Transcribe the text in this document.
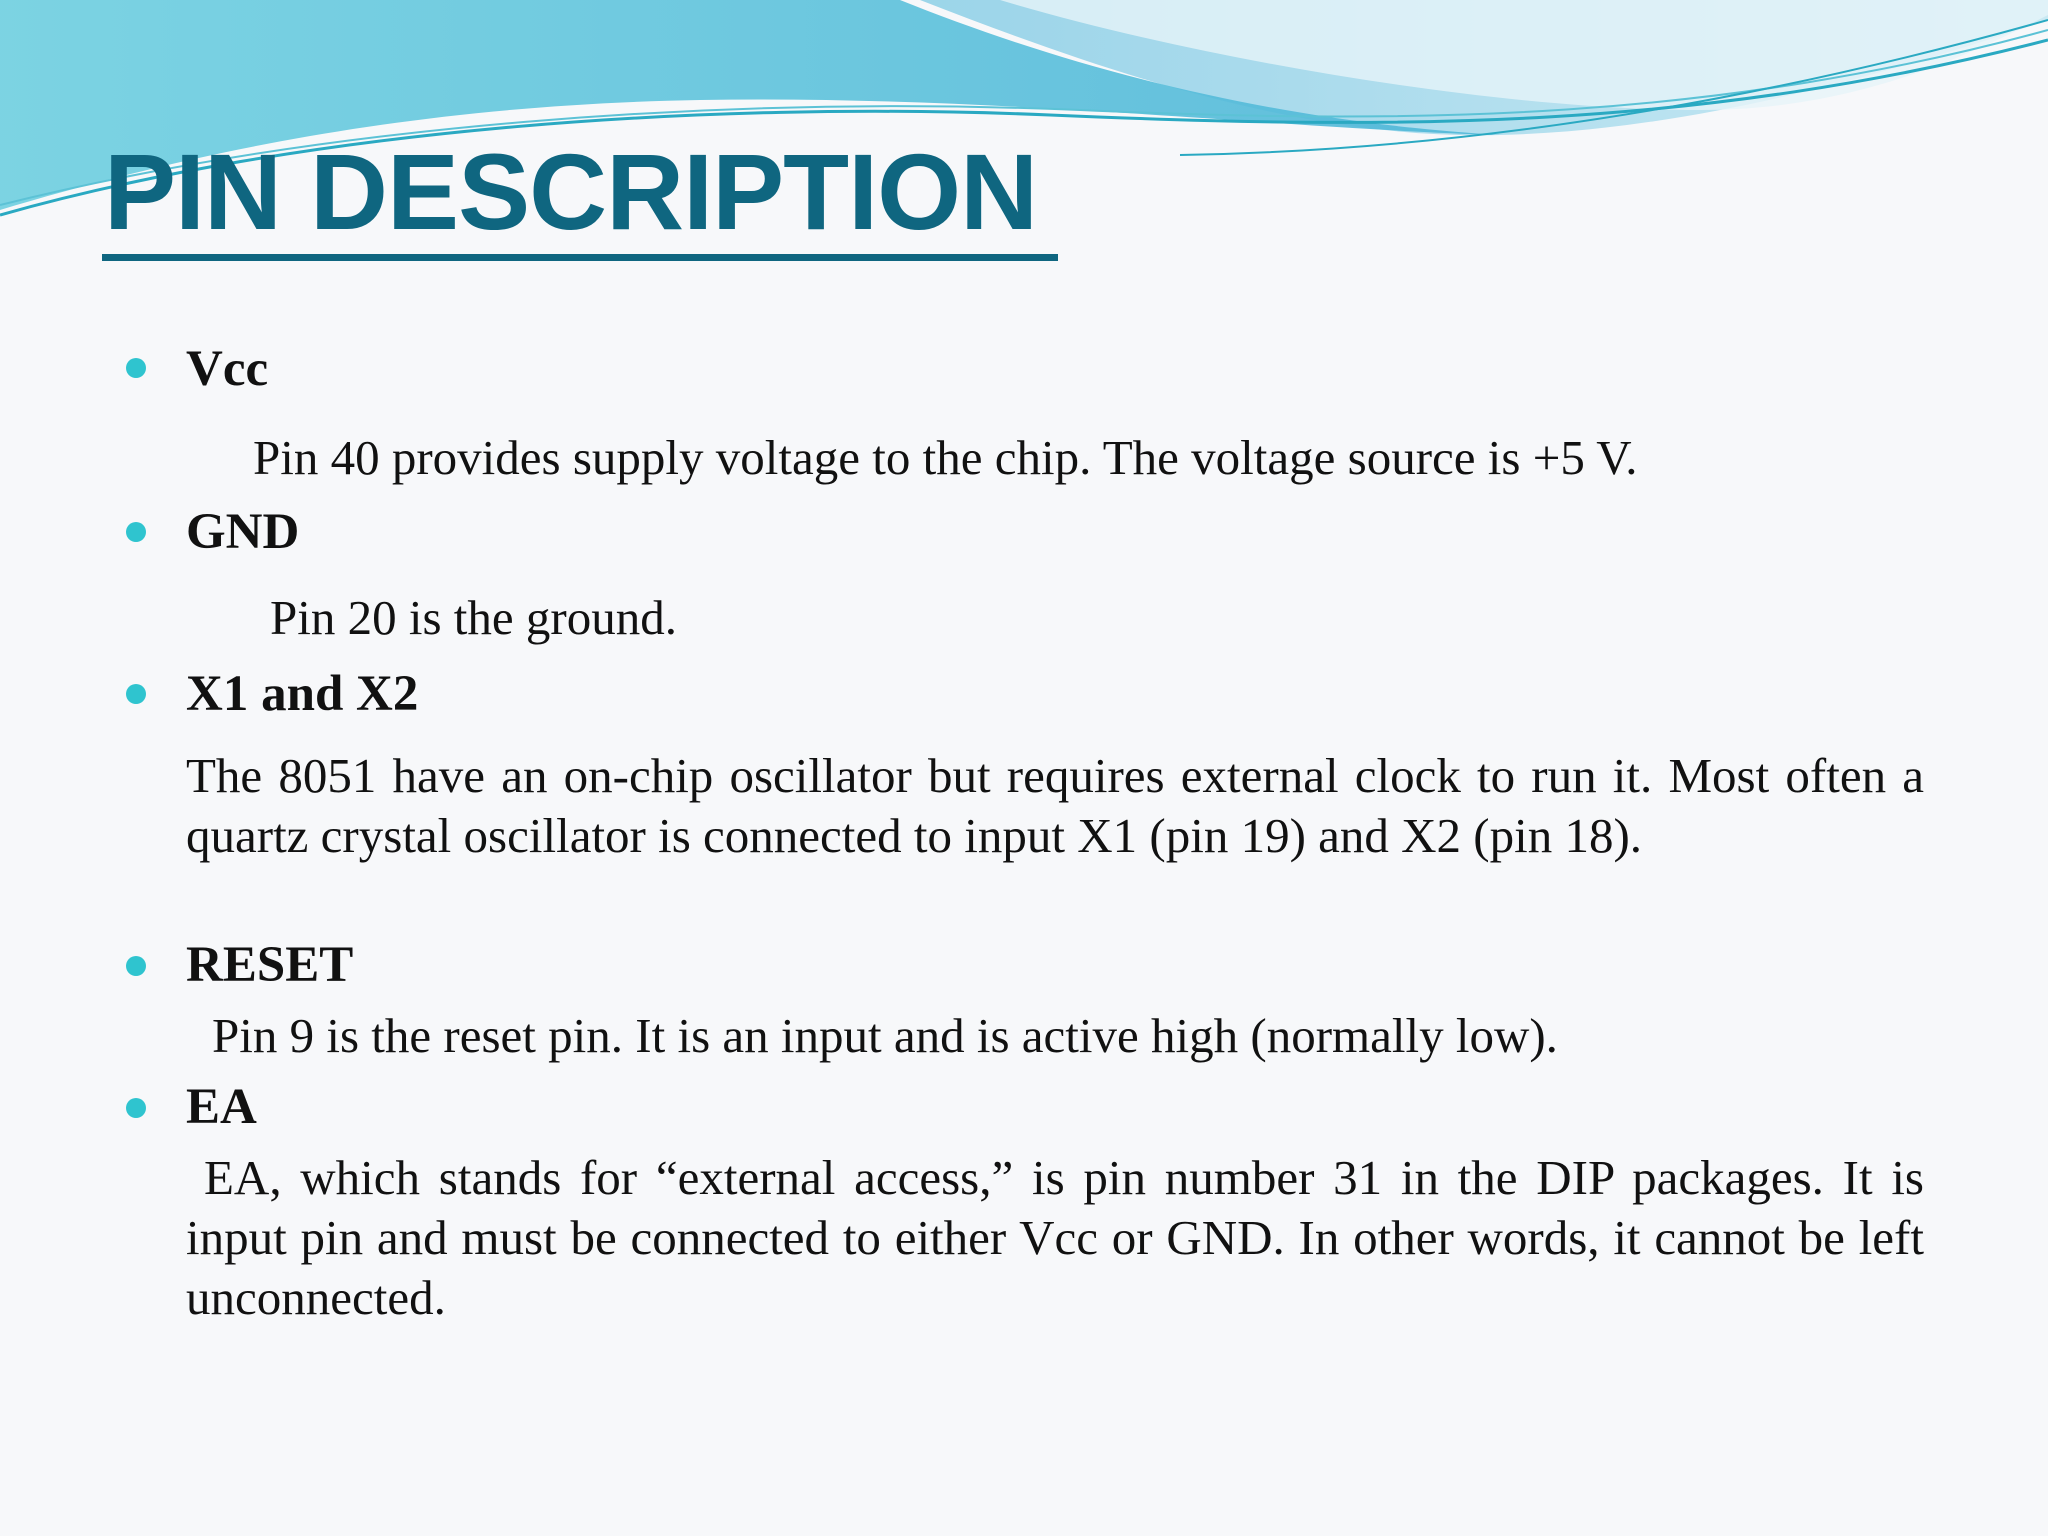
PIN DESCRIPTION
Vcc

Pin 40 provides supply voltage to the chip. The voltage source is +5 V.

GND

Pin 20 is the ground.

X1 and X2

The 8051 have an on-chip oscillator but requires external clock to run it. Most often a quartz crystal oscillator is connected to input X1 (pin 19) and X2 (pin 18).

RESET

Pin 9 is the reset pin. It is an input and is active high (normally low).

EA

EA, which stands for “external access,” is pin number 31 in the DIP packages. It is input pin and must be connected to either Vcc or GND. In other words, it cannot be left unconnected.
